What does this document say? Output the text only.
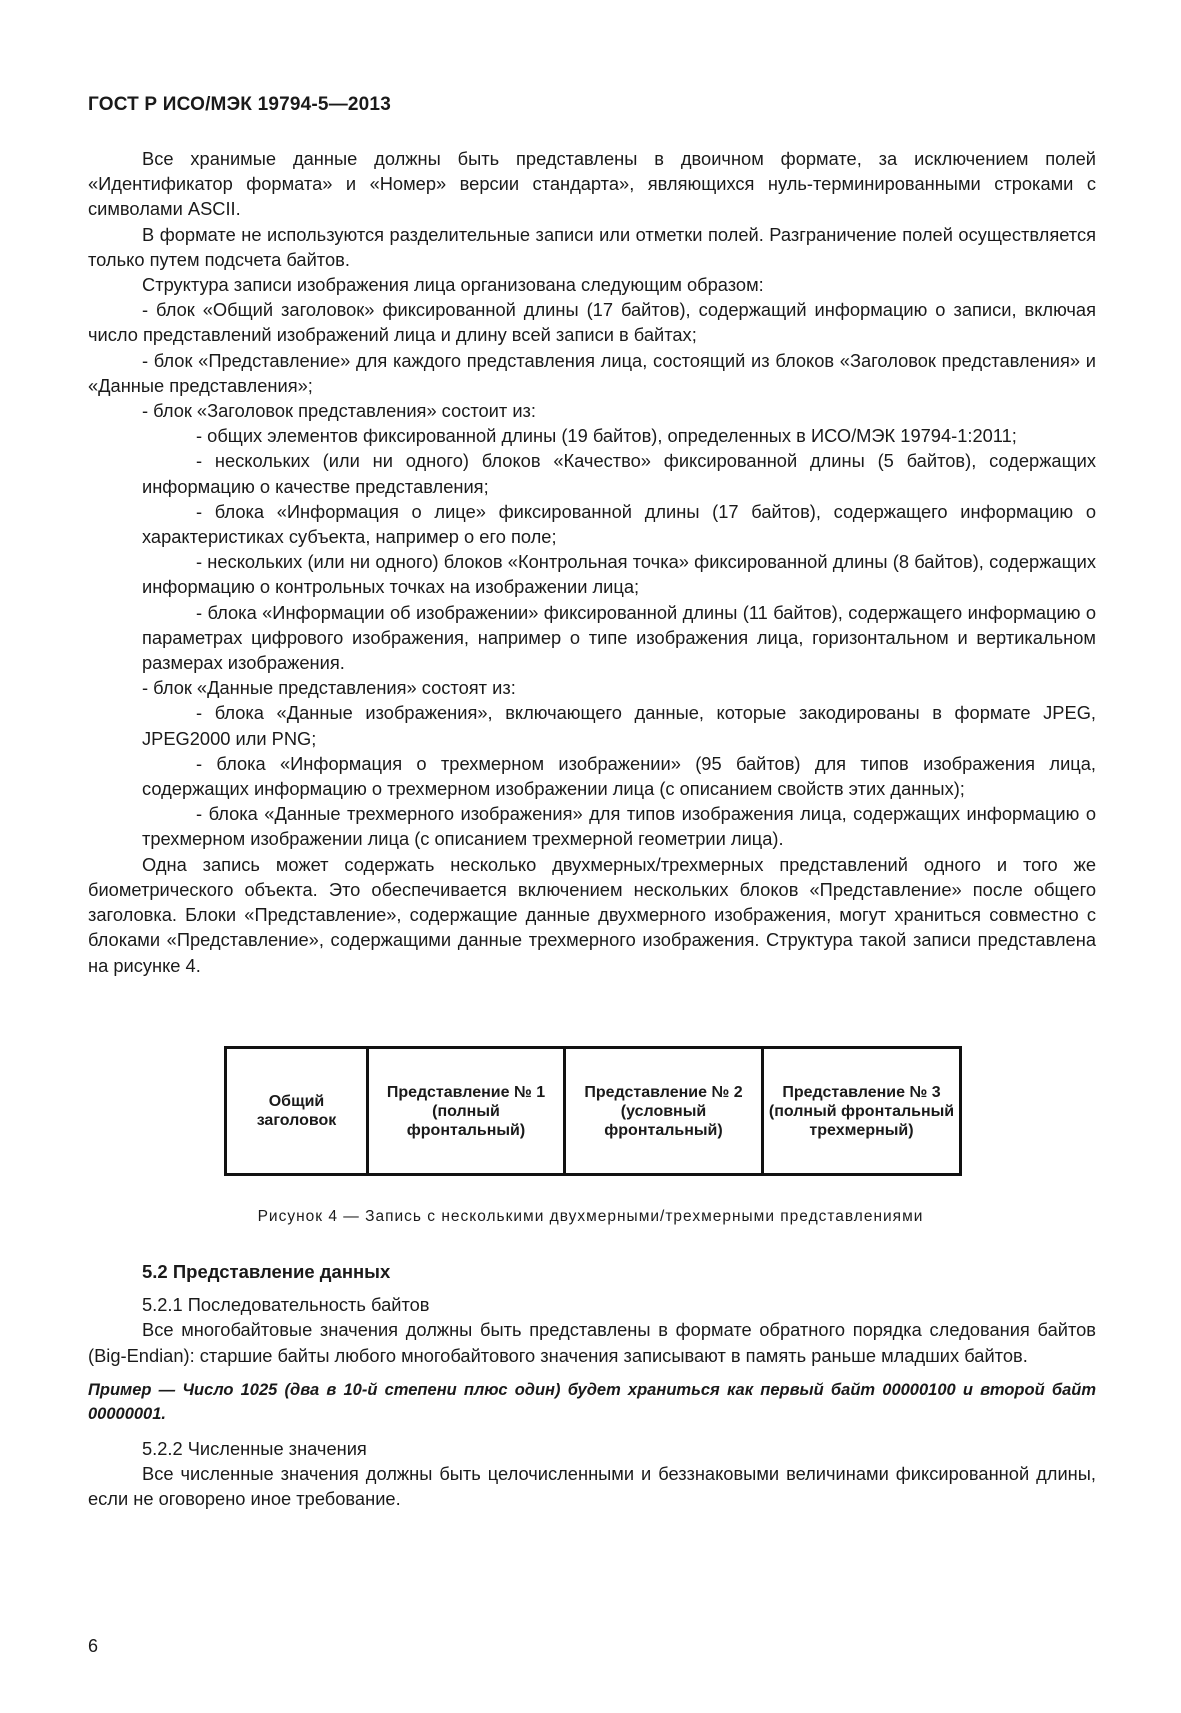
ГОСТ Р ИСО/МЭК 19794-5—2013

Все хранимые данные должны быть представлены в двоичном формате, за исключением полей «Идентификатор формата» и «Номер» версии стандарта», являющихся нуль-терминированными строками с символами ASCII.

В формате не используются разделительные записи или отметки полей. Разграничение полей осуществляется только путем подсчета байтов.

Структура записи изображения лица организована следующим образом:

- блок «Общий заголовок» фиксированной длины (17 байтов), содержащий информацию о записи, включая число представлений изображений лица и длину всей записи в байтах;

- блок «Представление» для каждого представления лица, состоящий из блоков «Заголовок представления» и «Данные представления»;

- блок «Заголовок представления» состоит из:

- общих элементов фиксированной длины (19 байтов), определенных в ИСО/МЭК 19794-1:2011;

- нескольких (или ни одного) блоков «Качество» фиксированной длины (5 байтов), содержащих информацию о качестве представления;

- блока «Информация о лице» фиксированной длины (17 байтов), содержащего информацию о характеристиках субъекта, например о его поле;

- нескольких (или ни одного) блоков «Контрольная точка» фиксированной длины (8 байтов), содержащих информацию о контрольных точках на изображении лица;

- блока «Информации об изображении» фиксированной длины (11 байтов), содержащего информацию о параметрах цифрового изображения, например о типе изображения лица, горизонтальном и вертикальном размерах изображения.

- блок «Данные представления» состоят из:

- блока «Данные изображения», включающего данные, которые закодированы в формате JPEG, JPEG2000 или PNG;

- блока «Информация о трехмерном изображении» (95 байтов) для типов изображения лица, содержащих информацию о трехмерном изображении лица (с описанием свойств этих данных);

- блока «Данные трехмерного изображения» для типов изображения лица, содержащих информацию о трехмерном изображении лица (с описанием трехмерной геометрии лица).

Одна запись может содержать несколько двухмерных/трехмерных представлений одного и того же биометрического объекта. Это обеспечивается включением нескольких блоков «Представление» после общего заголовка. Блоки «Представление», содержащие данные двухмерного изображения, могут храниться совместно с блоками «Представление», содержащими данные трехмерного изображения. Структура такой записи представлена на рисунке 4.

Общий
заголовок
Представление № 1
(полный
фронтальный)
Представление № 2
(условный
фронтальный)
Представление № 3
(полный фронтальный
трехмерный)
Рисунок 4 — Запись с несколькими двухмерными/трехмерными представлениями

5.2 Представление данных

5.2.1 Последовательность байтов

Все многобайтовые значения должны быть представлены в формате обратного порядка следования байтов (Big-Endian): старшие байты любого многобайтового значения записывают в память раньше младших байтов.

Пример — Число 1025 (два в 10-й степени плюс один) будет храниться как первый байт 00000100 и второй байт 00000001.

5.2.2 Численные значения

Все численные значения должны быть целочисленными и беззнаковыми величинами фиксированной длины, если не оговорено иное требование.

6
